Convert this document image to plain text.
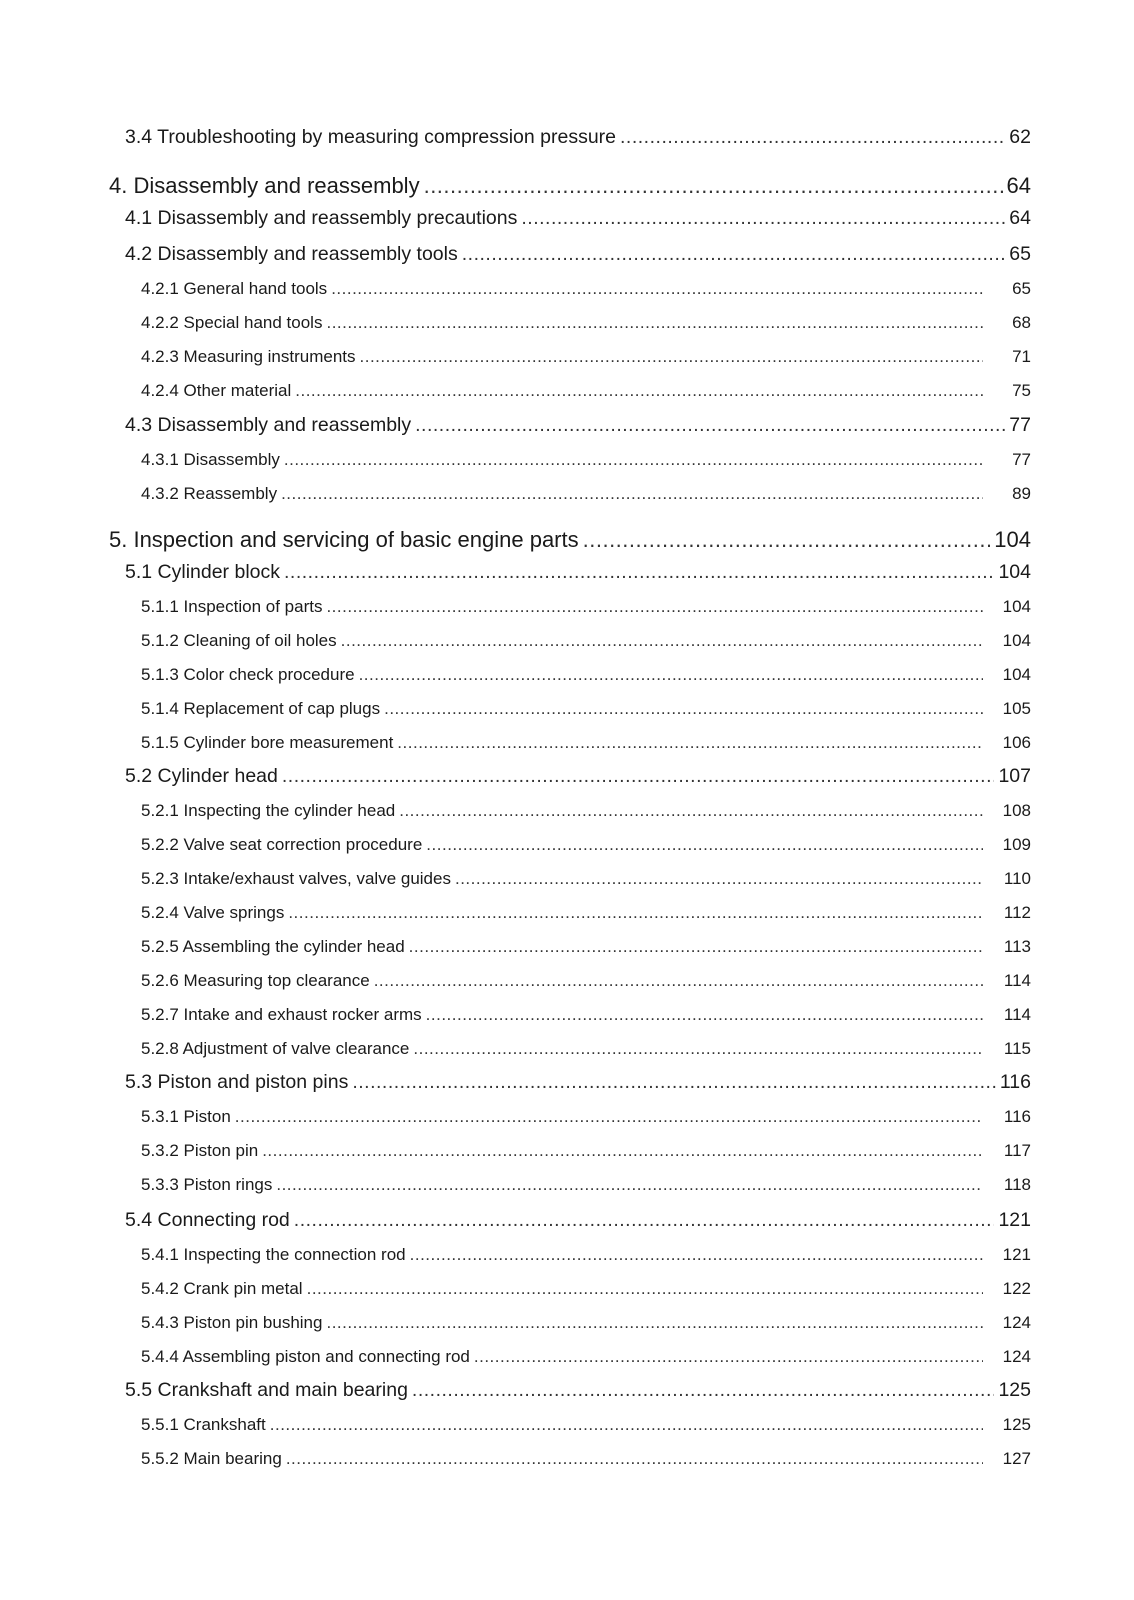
3.4 Troubleshooting by measuring compression pressure .....	62
4. Disassembly and reassembly .....	64
4.1 Disassembly and reassembly precautions .....	64
4.2 Disassembly and reassembly tools .....	65
4.2.1 General hand tools .....	65
4.2.2 Special hand tools .....	68
4.2.3 Measuring instruments .....	71
4.2.4 Other material .....	75
4.3 Disassembly and reassembly .....	77
4.3.1 Disassembly .....	77
4.3.2 Reassembly .....	89
5. Inspection and servicing of basic engine parts .....	104
5.1 Cylinder block .....	104
5.1.1 Inspection of parts .....	104
5.1.2 Cleaning of oil holes .....	104
5.1.3 Color check procedure .....	104
5.1.4 Replacement of cap plugs .....	105
5.1.5 Cylinder bore measurement .....	106
5.2 Cylinder head .....	107
5.2.1 Inspecting the cylinder head .....	108
5.2.2 Valve seat correction procedure .....	109
5.2.3 Intake/exhaust valves, valve guides .....	110
5.2.4 Valve springs .....	112
5.2.5 Assembling the cylinder head .....	113
5.2.6 Measuring top clearance .....	114
5.2.7 Intake and exhaust rocker arms .....	114
5.2.8 Adjustment of valve clearance .....	115
5.3 Piston and piston pins .....	116
5.3.1 Piston .....	116
5.3.2 Piston pin .....	117
5.3.3 Piston rings .....	118
5.4 Connecting rod .....	121
5.4.1 Inspecting the connection rod .....	121
5.4.2 Crank pin metal .....	122
5.4.3 Piston pin bushing .....	124
5.4.4 Assembling piston and connecting rod .....	124
5.5 Crankshaft and main bearing .....	125
5.5.1 Crankshaft .....	125
5.5.2 Main bearing .....	127
